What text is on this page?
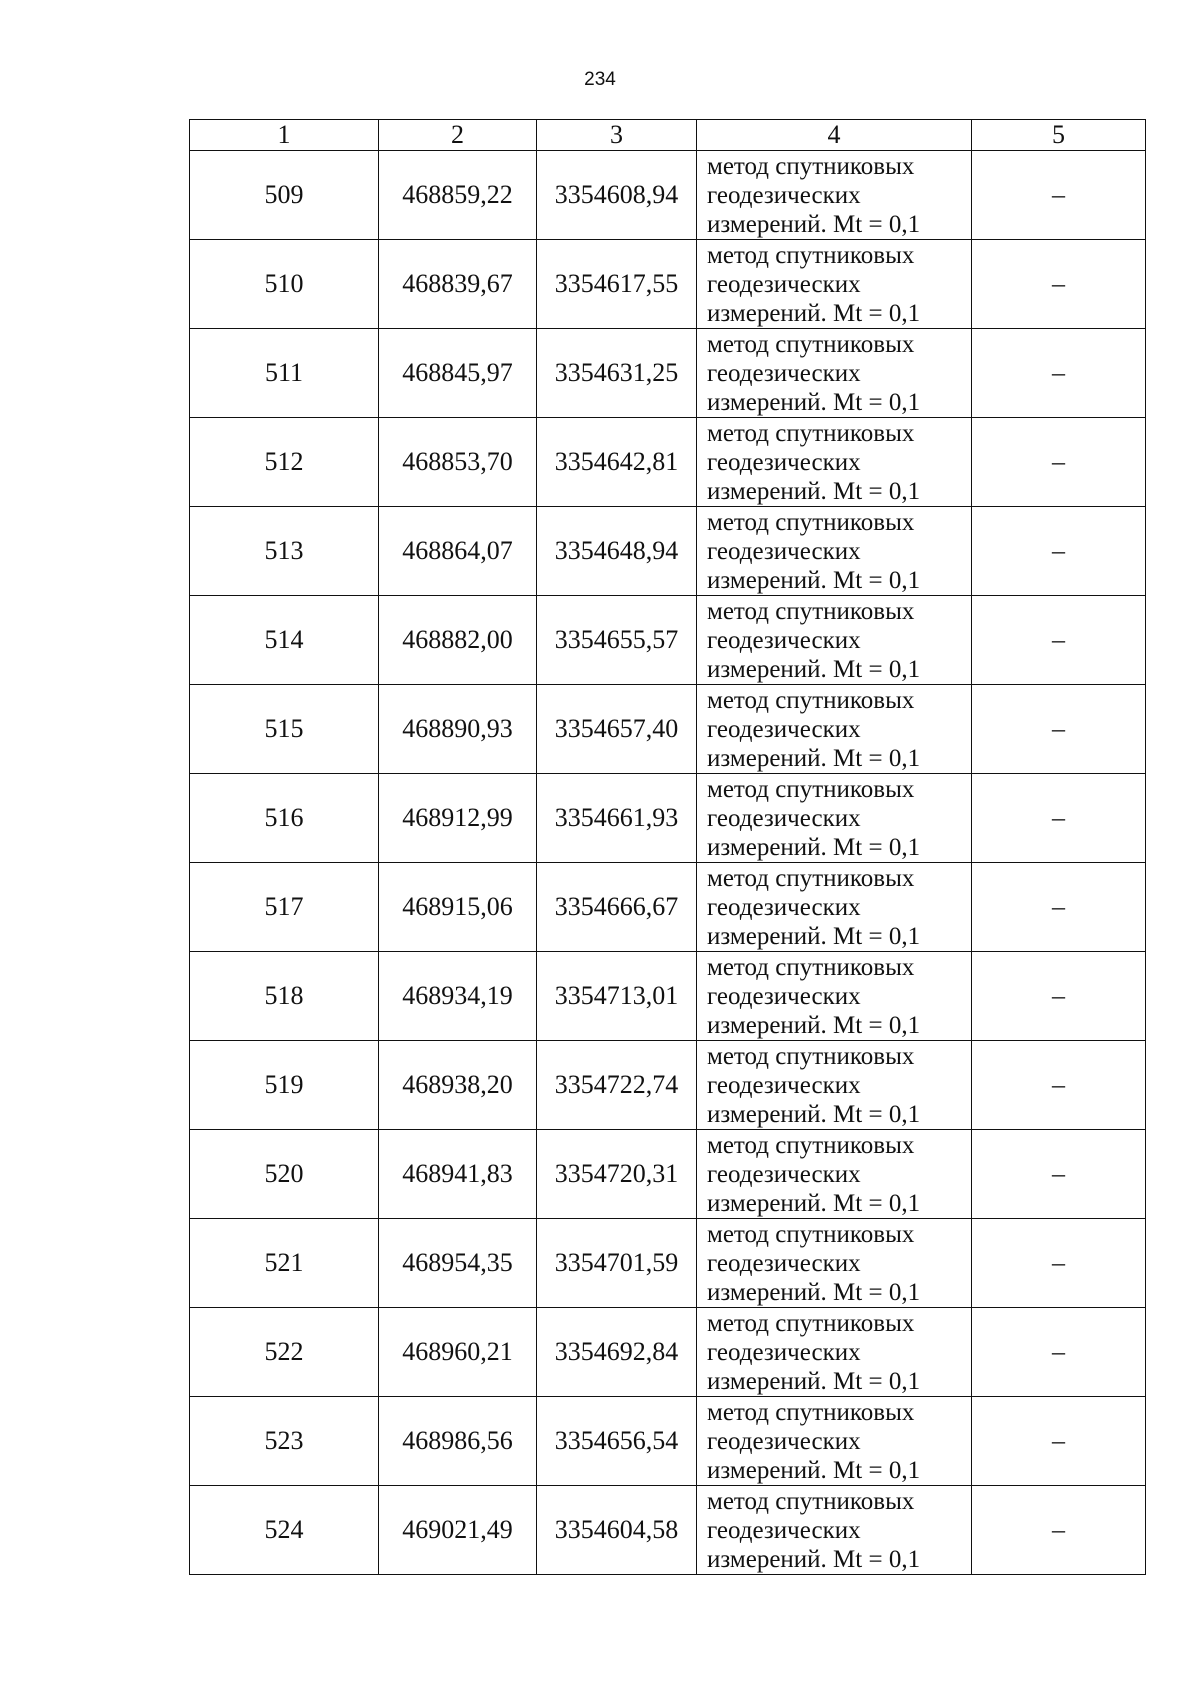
234
1	2	3	4	5
509	468859,22	3354608,94	метод спутниковых
геодезических
измерений. Mt = 0,1	–
510	468839,67	3354617,55	метод спутниковых
геодезических
измерений. Mt = 0,1	–
511	468845,97	3354631,25	метод спутниковых
геодезических
измерений. Mt = 0,1	–
512	468853,70	3354642,81	метод спутниковых
геодезических
измерений. Mt = 0,1	–
513	468864,07	3354648,94	метод спутниковых
геодезических
измерений. Mt = 0,1	–
514	468882,00	3354655,57	метод спутниковых
геодезических
измерений. Mt = 0,1	–
515	468890,93	3354657,40	метод спутниковых
геодезических
измерений. Mt = 0,1	–
516	468912,99	3354661,93	метод спутниковых
геодезических
измерений. Mt = 0,1	–
517	468915,06	3354666,67	метод спутниковых
геодезических
измерений. Mt = 0,1	–
518	468934,19	3354713,01	метод спутниковых
геодезических
измерений. Mt = 0,1	–
519	468938,20	3354722,74	метод спутниковых
геодезических
измерений. Mt = 0,1	–
520	468941,83	3354720,31	метод спутниковых
геодезических
измерений. Mt = 0,1	–
521	468954,35	3354701,59	метод спутниковых
геодезических
измерений. Mt = 0,1	–
522	468960,21	3354692,84	метод спутниковых
геодезических
измерений. Mt = 0,1	–
523	468986,56	3354656,54	метод спутниковых
геодезических
измерений. Mt = 0,1	–
524	469021,49	3354604,58	метод спутниковых
геодезических
измерений. Mt = 0,1	–
